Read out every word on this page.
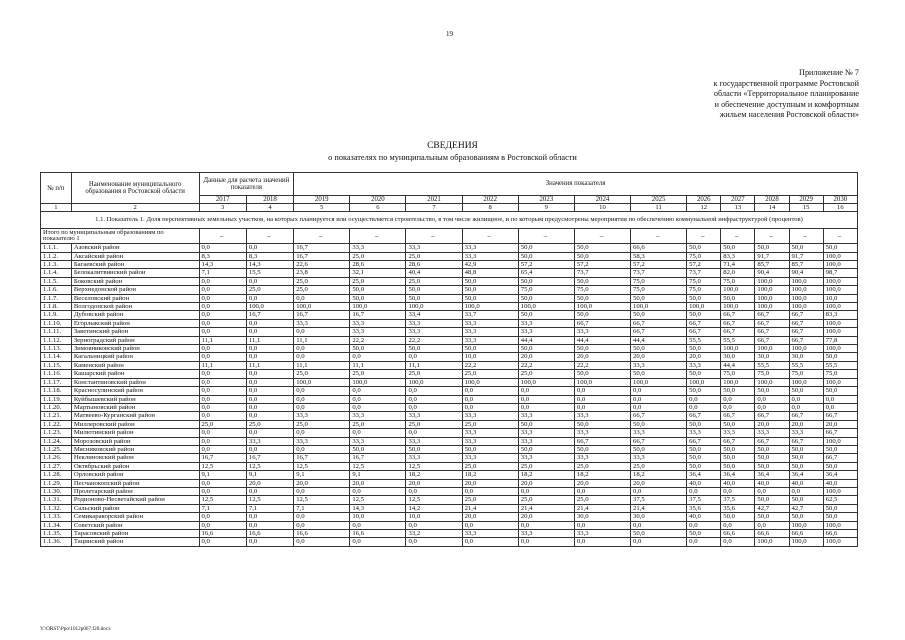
19
Приложение № 7
к государственной программе Ростовской
области «Территориальное планирование
и обеспечение доступным и комфортным
жильем населения Ростовской области»
СВЕДЕНИЯ
о показателях по муниципальным образованиям в Ростовской области
№ п/п	Наименование муниципального образования в Ростовской области	Данные для расчета значений показателя		Значения показателя											
		2017	2018	2019	2020	2021	2022	2023	2024	2025	2026	2027	2028	2029	2030
1	2	3	4	5	6	7	8	9	10	11	12	13	14	15	16
1.1. Показатель 1. Доля перспективных земельных участков, на которых планируется или осуществляется строительство, в том числе жилищное, и по которым предусмотрены мероприятия по обеспечению коммунальной инфраструктурой (процентов)															
Итого по муниципальным образованиям по показателю 1		–	–	–	–	–	–	–	–	–	–	–	–	–	–
1.1.1.	Азовский район	0,0	0,0	16,7	33,3	33,3	33,3	50,0	50,0	66,6	50,0	50,0	50,0	50,0	50,0
1.1.2.	Аксайский район	8,3	8,3	16,7	25,0	25,0	33,3	50,0	50,0	58,3	75,0	83,3	91,7	91,7	100,0
1.1.3.	Багаевский район	14,3	14,3	22,6	28,6	28,6	42,9	57,2	57,2	57,2	57,2	71,4	85,7	85,7	100,0
1.1.4.	Белокалитвинский район	7,1	15,5	23,8	32,1	40,4	48,8	65,4	73,7	73,7	73,7	82,0	90,4	90,4	98,7
1.1.5.	Боковский район	0,0	0,0	25,0	25,0	25,0	50,0	50,0	50,0	75,0	75,0	75,0	100,0	100,0	100,0
1.1.6.	Верхнедонской район	0,0	25,0	25,0	50,0	50,0	50,0	75,0	75,0	75,0	75,0	100,0	100,0	100,0	100,0
1.1.7.	Веселовский район	0,0	0,0	0,0	50,0	50,0	50,0	50,0	50,0	50,0	50,0	50,0	100,0	100,0	10,0
1.1.8.	Волгодонской район	0,0	100,0	100,0	100,0	100,0	100,0	100,0	100,0	100,0	100,0	100,0	100,0	100,0	100,0
1.1.9.	Дубовский район	0,0	16,7	16,7	16,7	33,4	33,7	50,0	50,0	50,0	50,0	66,7	66,7	66,7	83,3
1.1.10.	Егорлыкский район	0,0	0,0	33,3	33,3	33,3	33,3	33,3	66,7	66,7	66,7	66,7	66,7	66,7	100,0
1.1.11.	Заветинский район	0,0	0,0	0,0	33,3	33,3	33,3	33,3	33,3	66,7	66,7	66,7	66,7	66,7	100,0
1.1.12.	Зерноградский район	11,1	11,1	11,1	22,2	22,2	33,3	44,4	44,4	44,4	55,5	55,5	66,7	66,7	77,8
1.1.13.	Зимовниковский район	0,0	0,0	0,0	50,0	50,0	50,0	50,0	50,0	50,0	50,0	100,0	100,0	100,0	100,0
1.1.14.	Кагальницкий район	0,0	0,0	0,0	0,0	0,0	10,0	20,0	20,0	20,0	20,0	30,0	30,0	30,0	50,0
1.1.15.	Каменский район	11,1	11,1	11,1	11,1	11,1	22,2	22,2	22,2	33,3	33,3	44,4	55,5	55,5	55,5
1.1.16.	Кашарский район	0,0	0,0	25,0	25,0	25,0	25,0	25,0	50,0	50,0	50,0	75,0	75,0	75,0	75,0
1.1.17.	Константиновский район	0,0	0,0	100,0	100,0	100,0	100,0	100,0	100,0	100,0	100,0	100,0	100,0	100,0	100,0
1.1.18.	Красносулинский район	0,0	0,0	0,0	0,0	0,0	0,0	0,0	0,0	0,0	50,0	50,0	50,0	50,0	50,0
1.1.19.	Куйбышевский район	0,0	0,0	0,0	0,0	0,0	0,0	0,0	0,0	0,0	0,0	0,0	0,0	0,0	0,0
1.1.20.	Мартыновский район	0,0	0,0	0,0	0,0	0,0	0,0	0,0	0,0	0,0	0,0	0,0	0,0	0,0	0,0
1.1.21.	Матвеево-Курганский район	0,0	0,0	33,3	33,3	33,3	33,3	33,3	33,3	66,7	66,7	66,7	66,7	66,7	66,7
1.1.22.	Миллеровский район	25,0	25,0	25,0	25,0	25,0	25,0	50,0	50,0	50,0	50,0	50,0	20,0	20,0	20,0
1.1.23.	Милютинский район	0,0	0,0	0,0	0,0	0,0	33,3	33,3	33,3	33,3	33,3	33,3	33,3	33,3	66,7
1.1.24.	Морозовский район	0,0	33,3	33,3	33,3	33,3	33,3	33,3	66,7	66,7	66,7	66,7	66,7	66,7	100,0
1.1.25.	Мясниковский район	0,0	0,0	0,0	50,0	50,0	50,0	50,0	50,0	50,0	50,0	50,0	50,0	50,0	50,0
1.1.26.	Неклиновский район	16,7	16,7	16,7	16,7	33,3	33,3	33,3	33,3	33,3	50,0	50,0	50,0	50,0	66,7
1.1.27.	Октябрьский район	12,5	12,5	12,5	12,5	12,5	25,0	25,0	25,0	25,0	50,0	50,0	50,0	50,0	50,0
1.1.28.	Орловский район	9,1	9,1	9,1	9,1	18,2	18,2	18,2	18,2	18,2	36,4	36,4	36,4	36,4	36,4
1.1.29.	Песчанокопский район	0,0	20,0	20,0	20,0	20,0	20,0	20,0	20,0	20,0	40,0	40,0	40,0	40,0	40,0
1.1.30.	Пролетарский район	0,0	0,0	0,0	0,0	0,0	0,0	0,0	0,0	0,0	0,0	0,0	0,0	0,0	100,0
1.1.31.	Родионово-Несветайский район	12,5	12,5	12,5	12,5	12,5	25,0	25,0	25,0	37,5	37,5	37,5	50,0	50,0	62,5
1.1.32.	Сальский район	7,1	7,1	7,1	14,3	14,2	21,4	21,4	21,4	21,4	35,6	35,6	42,7	42,7	50,0
1.1.33.	Семикаракорский район	0,0	0,0	0,0	10,0	10,0	20,0	20,0	30,0	30,0	40,0	50,0	50,0	50,0	50,0
1.1.34.	Советский район	0,0	0,0	0,0	0,0	0,0	0,0	0,0	0,0	0,0	0,0	0,0	0,0	100,0	100,0
1.1.35.	Тарасовский район	16,6	16,6	16,6	16,6	33,2	33,3	33,3	33,3	50,0	50,0	66,6	66,6	66,6	66,6
1.1.36.	Тацинский район	0,0	0,0	0,0	0,0	0,0	0,0	0,0	0,0	0,0	0,0	0,0	100,0	100,0	100,0
Y:\ORST\Ppo\1012p067.f20.docx
